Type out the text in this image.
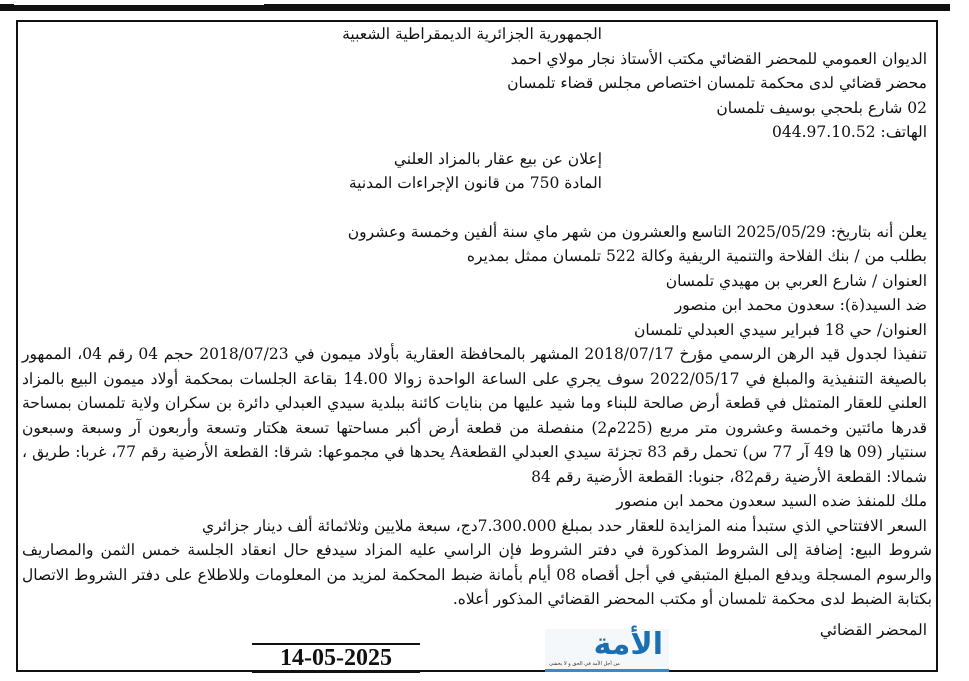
الجمهورية الجزائرية الديمقراطية الشعبية
الديوان العمومي للمحضر القضائي مكتب الأستاذ نجار مولاي احمد
محضر قضائي لدى محكمة تلمسان اختصاص مجلس قضاء تلمسان
02 شارع بلحجي بوسيف تلمسان
الهاتف: 044.97.10.52
إعلان عن بيع عقار بالمزاد العلني
المادة 750 من قانون الإجراءات المدنية
يعلن أنه بتاريخ: 2025/05/29 التاسع والعشرون من شهر ماي سنة ألفين وخمسة وعشرون
بطلب من / بنك الفلاحة والتنمية الريفية وكالة 522 تلمسان ممثل بمديره
العنوان / شارع العربي بن مهيدي تلمسان
ضد السيد(ة): سعدون محمد ابن منصور
العنوان/ حي 18 فبراير سيدي العبدلي تلمسان
تنفيذا لجدول قيد الرهن الرسمي مؤرخ 2018/07/17 المشهر بالمحافظة العقارية بأولاد ميمون في 2018/07/23 حجم 04 رقم 04، الممهور بالصيغة التنفيذية والمبلغ في 2022/05/17 سوف يجري على الساعة الواحدة زوالا 14.00 بقاعة الجلسات بمحكمة أولاد ميمون البيع بالمزاد العلني للعقار المتمثل في قطعة أرض صالحة للبناء وما شيد عليها من بنايات كائنة ببلدية سيدي العبدلي دائرة بن سكران ولاية تلمسان بمساحة قدرها مائتين وخمسة وعشرون متر مربع (225م2) منفصلة من قطعة أرض أكبر مساحتها تسعة هكتار وتسعة وأربعون آر وسبعة وسبعون سنتيار (09 ها 49 آر 77 س) تحمل رقم 83 تجزئة سيدي العبدلي القطعةA يحدها في مجموعها: شرقا: القطعة الأرضية رقم 77، غربا: طريق ، شمالا: القطعة الأرضية رقم82، جنوبا: القطعة الأرضية رقم 84
ملك للمنفذ ضده السيد سعدون محمد ابن منصور
السعر الافتتاحي الذي ستبدأ منه المزايدة للعقار حدد بمبلغ 7.300.000دج، سبعة ملايين وثلاثمائة ألف دينار جزائري
شروط البيع: إضافة إلى الشروط المذكورة في دفتر الشروط فإن الراسي عليه المزاد سيدفع حال انعقاد الجلسة خمس الثمن والمصاريف والرسوم المسجلة ويدفع المبلغ المتبقي في أجل أقصاه 08 أيام بأمانة ضبط المحكمة لمزيد من المعلومات وللاطلاع على دفتر الشروط الاتصال بكتابة الضبط لدى محكمة تلمسان أو مكتب المحضر القضائي المذكور أعلاه.
المحضر القضائي
الأمة
من أجل الأمة في الحق و لا يخشى
14-05-2025
